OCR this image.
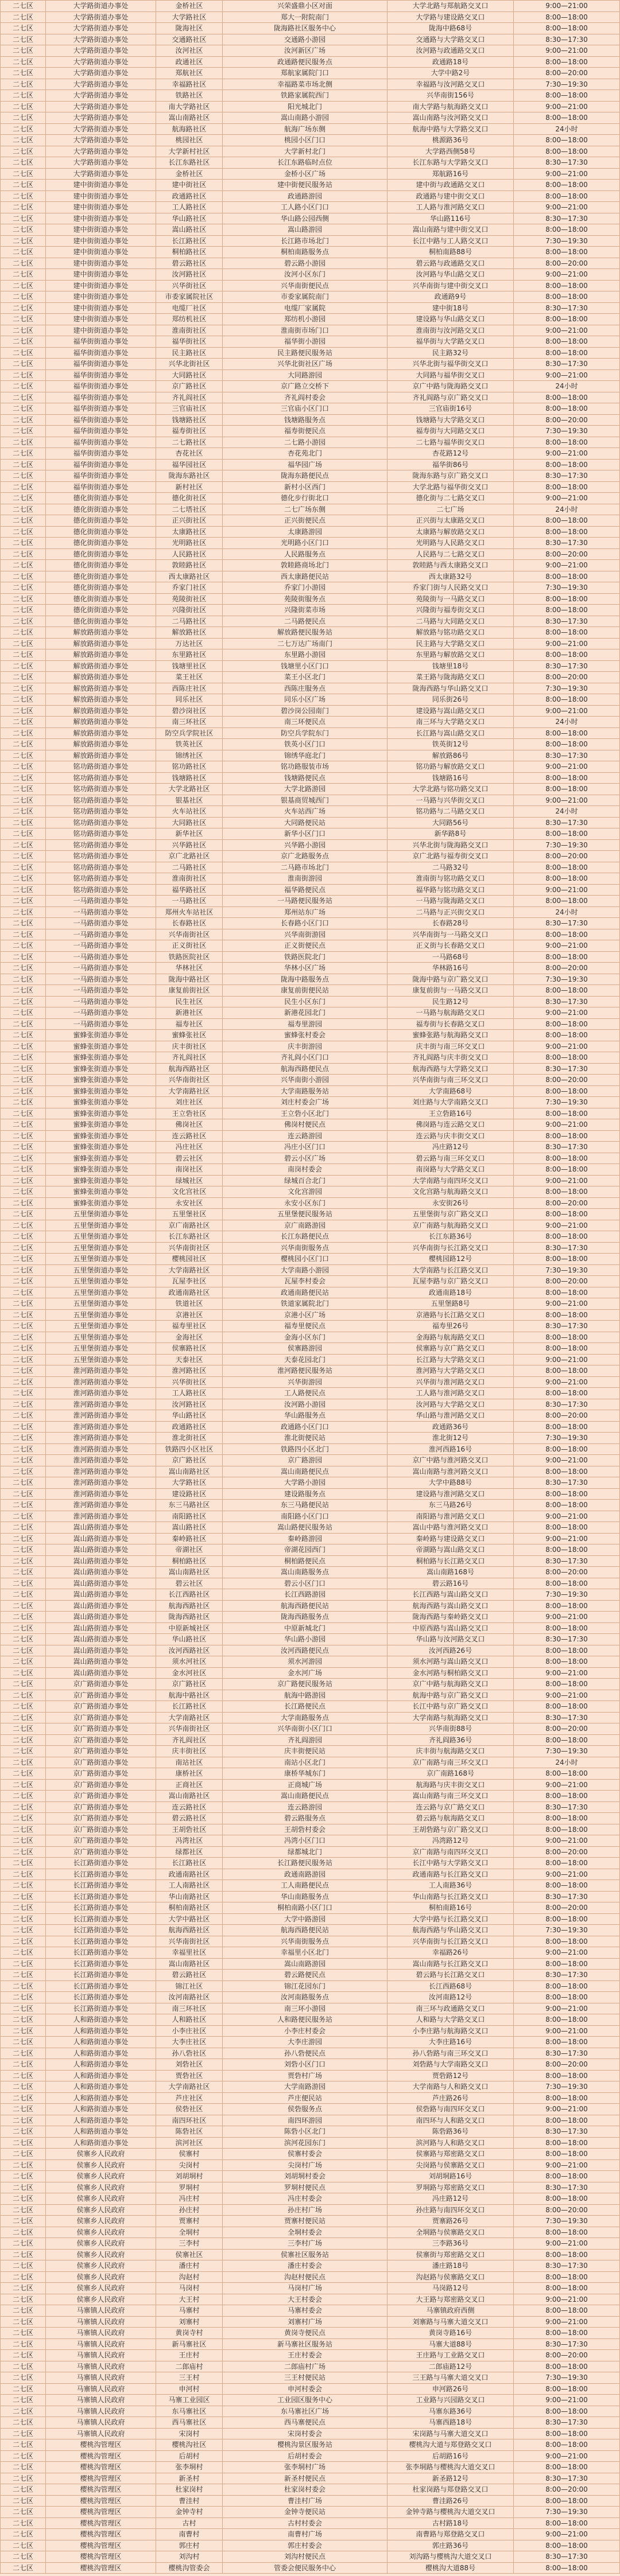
二七区	大学路街道办事处	金桥社区	兴荣盛鼎小区对面	大学北路与郑航路交叉口	9:00—21:00
二七区	大学路街道办事处	大学路社区	郑大一附院南门	大学路与建设路交叉口	8:00—18:00
二七区	大学路街道办事处	陇海社区	陇海路社区服务中心	陇海中路68号	8:00—18:00
二七区	大学路街道办事处	交通路社区	交通路小游园	交通路与大学路交叉口	8:30—17:30
二七区	大学路街道办事处	汝河社区	汝河新区广场	汝河路与政通路交叉口	9:00—21:00
二七区	大学路街道办事处	政通社区	政通路便民服务点	政通路18号	8:00—18:00
二七区	大学路街道办事处	郑航社区	郑航家属院门口	大学中路2号	8:00—20:00
二七区	大学路街道办事处	幸福路社区	幸福路菜市场北侧	幸福路与汝河路交叉口	7:30—19:30
二七区	大学路街道办事处	铁路社区	铁路家属院西门	兴华南街156号	8:00—18:00
二七区	大学路街道办事处	南大学路社区	阳光城北门	南大学路与航海路交叉口	9:00—21:00
二七区	大学路街道办事处	嵩山南路社区	嵩山南路小游园	嵩山南路与汝河路交叉口	8:00—18:00
二七区	大学路街道办事处	航海路社区	航海广场东侧	航海中路与大学路交叉口	24小时
二七区	大学路街道办事处	桃园社区	桃园小区门口	桃源路36号	8:00—18:00
二七区	大学路街道办事处	大学新村社区	大学新村北门	大学路西侧58号	8:00—18:00
二七区	大学路街道办事处	长江东路社区	长江东路临时点位	长江东路与大学路交叉口	8:30—17:30
二七区	大学路街道办事处	金桥社区	金桥小区广场	郑航路16号	9:00—21:00
二七区	建中街街道办事处	建中街社区	建中街便民服务站	建中街与政通路交叉口	8:00—18:00
二七区	建中街街道办事处	政通路社区	政通路游园	政通路与建中街交叉口	8:00—18:00
二七区	建中街街道办事处	工人路社区	工人路小区门口	工人路与淮河路交叉口	9:00—21:00
二七区	建中街街道办事处	华山路社区	华山路公园西侧	华山路116号	8:30—17:30
二七区	建中街街道办事处	嵩山路社区	嵩山路游园	嵩山南路与建中街交叉口	8:00—18:00
二七区	建中街街道办事处	长江路社区	长江路市场北门	长江中路与工人路交叉口	7:30—19:30
二七区	建中街街道办事处	桐柏路社区	桐柏南路服务点	桐柏南路88号	8:00—18:00
二七区	建中街街道办事处	碧云路社区	碧云路小游园	碧云路与政通路交叉口	8:00—20:00
二七区	建中街街道办事处	汝河路社区	汝河小区东门	汝河路与华山路交叉口	9:00—21:00
二七区	建中街街道办事处	兴华街社区	兴华南街便民点	兴华南街与建中街交叉口	8:00—18:00
二七区	建中街街道办事处	市委家属院社区	市委家属院南门	政通路9号	8:00—18:00
二七区	建中街街道办事处	电缆厂社区	电缆厂家属院	建中街18号	8:30—17:30
二七区	建中街街道办事处	郑纺机社区	郑纺机小游园	建设路与华山路交叉口	8:00—18:00
二七区	建中街街道办事处	淮南街社区	淮南街市场门口	淮南街与汝河路交叉口	9:00—21:00
二七区	福华街街道办事处	福华街社区	福华街小游园	福华街与大学路交叉口	8:00—18:00
二七区	福华街街道办事处	民主路社区	民主路便民服务站	民主路32号	8:00—18:00
二七区	福华街街道办事处	兴华北街社区	兴华北街社区广场	兴华北街与福华街交叉口	8:30—17:30
二七区	福华街街道办事处	大同路社区	大同路游园	大同路与福华街交叉口	9:00—21:00
二七区	福华街街道办事处	京广路社区	京广路立交桥下	京广中路与陇海路交叉口	24小时
二七区	福华街街道办事处	齐礼阎社区	齐礼阎村委会	齐礼阎路与京广路交叉口	8:00—18:00
二七区	福华街街道办事处	三官庙社区	三官庙小区门口	三官庙街16号	8:00—18:00
二七区	福华街街道办事处	钱塘路社区	钱塘路服务点	钱塘路与大学路交叉口	8:00—20:00
二七区	福华街街道办事处	福寿街社区	福寿街便民点	福寿街与大同路交叉口	7:30—19:30
二七区	福华街街道办事处	二七路社区	二七路小游园	二七路与福华街交叉口	8:00—18:00
二七区	福华街街道办事处	杏花社区	杏花苑北门	杏花路12号	9:00—21:00
二七区	福华街街道办事处	福华园社区	福华园广场	福华街86号	8:00—18:00
二七区	福华街街道办事处	陇海东路社区	陇海东路便民点	陇海东路与京广路交叉口	8:30—17:30
二七区	福华街街道办事处	新村社区	新村小区西门	大学北路与福华街交叉口	8:00—18:00
二七区	德化街街道办事处	德化街社区	德化步行街北口	德化街与二七路交叉口	9:00—21:00
二七区	德化街街道办事处	二七塔社区	二七广场东侧	二七广场	24小时
二七区	德化街街道办事处	正兴街社区	正兴街便民点	正兴街与太康路交叉口	8:00—18:00
二七区	德化街街道办事处	太康路社区	太康路游园	太康路与解放路交叉口	8:00—18:00
二七区	德化街街道办事处	光明路社区	光明路小区门口	光明路与人民路交叉口	8:30—17:30
二七区	德化街街道办事处	人民路社区	人民路服务点	人民路与二七路交叉口	8:00—20:00
二七区	德化街街道办事处	敦睦路社区	敦睦路商场北门	敦睦路与西太康路交叉口	9:00—21:00
二七区	德化街街道办事处	西太康路社区	西太康路便民站	西太康路32号	8:00—18:00
二七区	德化街街道办事处	乔家门社区	乔家门小游园	乔家门街与人民路交叉口	7:30—19:30
二七区	德化街街道办事处	苑陵街社区	苑陵街服务点	苑陵街与一马路交叉口	8:00—18:00
二七区	德化街街道办事处	兴隆街社区	兴隆街菜市场	兴隆街与福寿街交叉口	8:00—18:00
二七区	德化街街道办事处	二马路社区	二马路便民点	二马路与大同路交叉口	8:30—17:30
二七区	解放路街道办事处	解放路社区	解放路便民服务站	解放路与铭功路交叉口	8:00—18:00
二七区	解放路街道办事处	万达社区	二七万达广场南门	民主路与大学路交叉口	9:00—21:00
二七区	解放路街道办事处	东里路社区	东里路小游园	东里路与解放路交叉口	8:00—18:00
二七区	解放路街道办事处	钱塘里社区	钱塘里小区门口	钱塘里18号	8:30—17:30
二七区	解放路街道办事处	菜王社区	菜王小区北门	菜王路与陇海路交叉口	8:00—20:00
二七区	解放路街道办事处	西陈庄社区	西陈庄服务点	陇海西路与华山路交叉口	7:30—19:30
二七区	解放路街道办事处	同乐社区	同乐小区广场	同乐街26号	8:00—18:00
二七区	解放路街道办事处	碧沙岗社区	碧沙岗公园南门	建设路与嵩山路交叉口	9:00—21:00
二七区	解放路街道办事处	南三环社区	南三环便民点	南三环与大学路交叉口	24小时
二七区	解放路街道办事处	防空兵学院社区	防空兵学院东门	长江路与嵩山路交叉口	8:00—18:00
二七区	解放路街道办事处	铁英社区	铁英小区门口	铁英街12号	8:00—18:00
二七区	解放路街道办事处	锦绣社区	锦绣华庭北门	解放路86号	8:30—17:30
二七区	铭功路街道办事处	铭功路社区	铭功路服装市场	铭功路与解放路交叉口	9:00—21:00
二七区	铭功路街道办事处	钱塘路社区	钱塘路便民点	钱塘路16号	8:00—18:00
二七区	铭功路街道办事处	大学北路社区	大学北路游园	大学北路与铭功路交叉口	8:00—18:00
二七区	铭功路街道办事处	银基社区	银基商贸城西门	一马路与兴华街交叉口	9:00—21:00
二七区	铭功路街道办事处	火车站社区	火车站西广场	铭功路与二马路交叉口	24小时
二七区	铭功路街道办事处	大同路社区	大同路便民站	大同路56号	8:30—17:30
二七区	铭功路街道办事处	新华社区	新华小区门口	新华路8号	8:00—18:00
二七区	铭功路街道办事处	兴华路社区	兴华路小游园	兴华北街与陇海路交叉口	7:30—19:30
二七区	铭功路街道办事处	京广北路社区	京广北路服务点	京广北路与福寿街交叉口	8:00—20:00
二七区	铭功路街道办事处	二马路社区	二马路市场北门	二马路32号	8:00—18:00
二七区	铭功路街道办事处	淮南街社区	淮南街游园	淮南街与铭功路交叉口	8:00—18:00
二七区	铭功路街道办事处	福华路社区	福华路便民点	福华路与铭功路交叉口	9:00—21:00
二七区	一马路街道办事处	一马路社区	一马路便民服务站	一马路与陇海路交叉口	8:00—18:00
二七区	一马路街道办事处	郑州火车站社区	郑州站东广场	二马路与正兴街交叉口	24小时
二七区	一马路街道办事处	长春路社区	长春路小区门口	长春路28号	8:30—17:30
二七区	一马路街道办事处	兴华南街社区	兴华南街游园	兴华南街与一马路交叉口	8:00—18:00
二七区	一马路街道办事处	正义街社区	正义街便民点	正义街与长春路交叉口	9:00—21:00
二七区	一马路街道办事处	铁路医院社区	铁路医院北门	一马路68号	8:00—18:00
二七区	一马路街道办事处	华林社区	华林小区广场	华林路16号	8:00—20:00
二七区	一马路街道办事处	陇海中路社区	陇海中路服务点	陇海中路与京广路交叉口	7:30—19:30
二七区	一马路街道办事处	康复前街社区	康复前街便民站	康复前街与一马路交叉口	8:00—18:00
二七区	一马路街道办事处	民生社区	民生小区东门	民生路12号	8:30—17:30
二七区	一马路街道办事处	新港社区	新港花园北门	一马路与航海路交叉口	9:00—21:00
二七区	一马路街道办事处	福寿社区	福寿里游园	福寿街与长春路交叉口	8:00—18:00
二七区	蜜蜂张街道办事处	蜜蜂张社区	蜜蜂张村委会	蜜蜂张路与航海路交叉口	8:00—18:00
二七区	蜜蜂张街道办事处	庆丰街社区	庆丰街游园	庆丰街与南三环交叉口	9:00—21:00
二七区	蜜蜂张街道办事处	齐礼阎社区	齐礼阎小区门口	齐礼阎路与庆丰街交叉口	8:00—18:00
二七区	蜜蜂张街道办事处	航海西路社区	航海西路便民点	航海西路与大学路交叉口	8:30—17:30
二七区	蜜蜂张街道办事处	兴华南街社区	兴华南街小游园	兴华南街与南三环交叉口	8:00—20:00
二七区	蜜蜂张街道办事处	大学南路社区	大学南路服务站	大学南路68号	8:00—18:00
二七区	蜜蜂张街道办事处	刘庄社区	刘庄村委会广场	刘庄路与大学南路交叉口	7:30—19:30
二七区	蜜蜂张街道办事处	王立砦社区	王立砦小区北门	王立砦路16号	8:00—18:00
二七区	蜜蜂张街道办事处	佛岗社区	佛岗村便民点	佛岗路与连云路交叉口	9:00—21:00
二七区	蜜蜂张街道办事处	连云路社区	连云路游园	连云路与庆丰街交叉口	8:00—18:00
二七区	蜜蜂张街道办事处	冯庄社区	冯庄小区门口	冯庄路12号	8:30—17:30
二七区	蜜蜂张街道办事处	碧云社区	碧云小区广场	碧云路与南三环交叉口	8:00—18:00
二七区	蜜蜂张街道办事处	南岗社区	南岗村委会	南岗路与大学路交叉口	8:00—18:00
二七区	蜜蜂张街道办事处	绿城社区	绿城百合北门	大学南路与南四环交叉口	9:00—21:00
二七区	蜜蜂张街道办事处	文化宫社区	文化宫游园	文化宫路与航海路交叉口	8:00—18:00
二七区	蜜蜂张街道办事处	永安社区	永安小区东门	永安街26号	8:00—20:00
二七区	五里堡街道办事处	五里堡社区	五里堡便民服务站	五里堡街与京广路交叉口	8:00—18:00
二七区	五里堡街道办事处	京广南路社区	京广南路游园	京广南路与航海路交叉口	9:00—21:00
二七区	五里堡街道办事处	长江东路社区	长江东路便民点	长江东路36号	8:00—18:00
二七区	五里堡街道办事处	兴华南街社区	兴华南街服务点	兴华南街与长江路交叉口	8:30—17:30
二七区	五里堡街道办事处	樱桃园社区	樱桃园小区门口	樱桃园路12号	8:00—18:00
二七区	五里堡街道办事处	大学南路社区	大学南路小游园	大学南路与长江路交叉口	7:30—19:30
二七区	五里堡街道办事处	瓦屋李社区	瓦屋李村委会	瓦屋李路与京广路交叉口	8:00—20:00
二七区	五里堡街道办事处	政通南路社区	政通南路便民站	政通南路18号	8:00—18:00
二七区	五里堡街道办事处	铁道社区	铁道家属院北门	五里堡路8号	9:00—21:00
二七区	五里堡街道办事处	京港社区	京港小区广场	京港路与长江路交叉口	8:00—18:00
二七区	五里堡街道办事处	福寿里社区	福寿里便民点	福寿里26号	8:30—17:30
二七区	五里堡街道办事处	金海社区	金海小区东门	金海路与航海路交叉口	8:00—18:00
二七区	五里堡街道办事处	侯寨路社区	侯寨路游园	侯寨路与京广路交叉口	8:00—18:00
二七区	五里堡街道办事处	天泰社区	天泰花园北门	长江路与大学路交叉口	9:00—21:00
二七区	淮河路街道办事处	淮河路社区	淮河路便民服务站	淮河路与大学路交叉口	8:00—18:00
二七区	淮河路街道办事处	兴华街社区	兴华街游园	兴华街与淮河路交叉口	9:00—21:00
二七区	淮河路街道办事处	工人路社区	工人路便民点	工人路与淮河路交叉口	8:00—18:00
二七区	淮河路街道办事处	汝河路社区	汝河路小游园	汝河路与大学路交叉口	8:30—17:30
二七区	淮河路街道办事处	华山路社区	华山路服务点	华山路与淮河路交叉口	8:00—20:00
二七区	淮河路街道办事处	政通路社区	政通路小区门口	政通路36号	8:00—18:00
二七区	淮河路街道办事处	淮北街社区	淮北街便民站	淮北街12号	7:30—19:30
二七区	淮河路街道办事处	铁路四小区社区	铁路四小区北门	淮河西路16号	8:00—18:00
二七区	淮河路街道办事处	京广路社区	京广路游园	京广中路与淮河路交叉口	9:00—21:00
二七区	淮河路街道办事处	嵩山南路社区	嵩山南路便民点	嵩山南路与淮河路交叉口	8:00—18:00
二七区	淮河路街道办事处	大学路社区	大学路小游园	大学中路88号	8:30—17:30
二七区	淮河路街道办事处	建设路社区	建设路服务点	建设路与淮河路交叉口	8:00—18:00
二七区	淮河路街道办事处	东三马路社区	东三马路便民站	东三马路26号	8:00—18:00
二七区	淮河路街道办事处	南阳路社区	南阳路小区门口	南阳路与淮河路交叉口	9:00—21:00
二七区	嵩山路街道办事处	嵩山路社区	嵩山路便民服务站	嵩山中路与淮河路交叉口	8:00—18:00
二七区	嵩山路街道办事处	秦岭路社区	秦岭路游园	秦岭路与建设路交叉口	9:00—21:00
二七区	嵩山路街道办事处	帝湖社区	帝湖花园西门	帝湖路与嵩山路交叉口	8:00—18:00
二七区	嵩山路街道办事处	桐柏路社区	桐柏路便民点	桐柏路与长江路交叉口	8:30—17:30
二七区	嵩山路街道办事处	嵩山南路社区	嵩山南路服务点	嵩山南路168号	8:00—20:00
二七区	嵩山路街道办事处	碧云社区	碧云小区门口	碧云路16号	8:00—18:00
二七区	嵩山路街道办事处	长江西路社区	长江西路游园	长江西路与嵩山路交叉口	7:30—19:30
二七区	嵩山路街道办事处	航海西路社区	航海西路便民站	航海西路与嵩山路交叉口	8:00—18:00
二七区	嵩山路街道办事处	陇海西路社区	陇海西路服务点	陇海西路与秦岭路交叉口	9:00—21:00
二七区	嵩山路街道办事处	中原新城社区	中原新城北门	中原西路与嵩山路交叉口	8:00—18:00
二七区	嵩山路街道办事处	华山路社区	华山路小游园	华山路与汝河路交叉口	8:30—17:30
二七区	嵩山路街道办事处	汝河西路社区	汝河西路便民点	汝河西路26号	8:00—18:00
二七区	嵩山路街道办事处	须水河社区	须水河游园	须水河路与嵩山路交叉口	8:00—18:00
二七区	嵩山路街道办事处	金水河社区	金水河广场	金水河路与桐柏路交叉口	9:00—21:00
二七区	京广路街道办事处	京广路社区	京广路便民服务站	京广中路与航海路交叉口	8:00—18:00
二七区	京广路街道办事处	航海中路社区	航海中路游园	航海中路与京广路交叉口	9:00—21:00
二七区	京广路街道办事处	长江路社区	长江路便民点	长江中路与京广路交叉口	8:00—18:00
二七区	京广路街道办事处	大学南路社区	大学南路服务点	大学南路与航海路交叉口	8:30—17:30
二七区	京广路街道办事处	兴华南街社区	兴华南街小区门口	兴华南街88号	8:00—20:00
二七区	京广路街道办事处	齐礼阎社区	齐礼阎游园	齐礼阎路36号	8:00—18:00
二七区	京广路街道办事处	庆丰街社区	庆丰街便民站	庆丰街与航海路交叉口	7:30—19:30
二七区	京广路街道办事处	南站社区	南站小区北门	京广南路与南三环交叉口	24小时
二七区	京广路街道办事处	康桥社区	康桥华城东门	京广南路168号	8:00—18:00
二七区	京广路街道办事处	正商社区	正商城广场	航海路与庆丰街交叉口	9:00—21:00
二七区	京广路街道办事处	嵩山南路社区	嵩山南路便民点	嵩山南路与南三环交叉口	8:00—18:00
二七区	京广路街道办事处	连云路社区	连云路游园	连云路与京广路交叉口	8:30—17:30
二七区	京广路街道办事处	碧云路社区	碧云路服务点	碧云路与航海路交叉口	8:00—18:00
二七区	京广路街道办事处	王胡砦社区	王胡砦村委会	王胡砦路与京广路交叉口	8:00—18:00
二七区	京广路街道办事处	冯湾社区	冯湾小区门口	冯湾路12号	9:00—21:00
二七区	京广路街道办事处	绿都社区	绿都城北门	京广南路与南四环交叉口	8:00—20:00
二七区	长江路街道办事处	长江路社区	长江路便民服务站	长江中路与大学路交叉口	8:00—18:00
二七区	长江路街道办事处	政通南路社区	政通南路游园	政通南路与长江路交叉口	9:00—21:00
二七区	长江路街道办事处	工人南路社区	工人南路便民点	工人南路36号	8:00—18:00
二七区	长江路街道办事处	华山南路社区	华山南路服务点	华山南路与长江路交叉口	8:30—17:30
二七区	长江路街道办事处	桐柏南路社区	桐柏南路小区门口	桐柏南路16号	8:00—20:00
二七区	长江路街道办事处	大学中路社区	大学中路游园	大学中路与长江路交叉口	8:00—18:00
二七区	长江路街道办事处	航海西路社区	航海西路便民站	航海西路与华山路交叉口	7:30—19:30
二七区	长江路街道办事处	兴华南街社区	兴华南街服务点	兴华南街与长江路交叉口	8:00—18:00
二七区	长江路街道办事处	幸福里社区	幸福里小区北门	幸福路26号	9:00—21:00
二七区	长江路街道办事处	嵩山南路社区	嵩山南路游园	嵩山南路与长江路交叉口	8:00—18:00
二七区	长江路街道办事处	碧云路社区	碧云路便民点	碧云路与长江路交叉口	8:30—17:30
二七区	长江路街道办事处	锦江社区	锦江花园东门	长江西路68号	8:00—18:00
二七区	长江路街道办事处	汝河南路社区	汝河南路服务点	汝河南路12号	8:00—18:00
二七区	长江路街道办事处	南三环社区	南三环小游园	南三环与政通路交叉口	9:00—21:00
二七区	人和路街道办事处	人和路社区	人和路便民服务站	人和路与大学路交叉口	8:00—18:00
二七区	人和路街道办事处	小李庄社区	小李庄村委会	小李庄路与航海路交叉口	9:00—21:00
二七区	人和路街道办事处	大李庄社区	大李庄游园	大李庄路16号	8:00—18:00
二七区	人和路街道办事处	孙八砦社区	孙八砦便民点	孙八砦路与南三环交叉口	8:30—17:30
二七区	人和路街道办事处	刘砦社区	刘砦小区门口	刘砦路与大学南路交叉口	8:00—20:00
二七区	人和路街道办事处	贾砦社区	贾砦村广场	贾砦路12号	8:00—18:00
二七区	人和路街道办事处	大学南路社区	大学南路游园	大学南路与人和路交叉口	7:30—19:30
二七区	人和路街道办事处	芦庄社区	芦庄便民站	芦庄路26号	8:00—18:00
二七区	人和路街道办事处	侯砦社区	侯砦服务点	侯砦路与南四环交叉口	9:00—21:00
二七区	人和路街道办事处	南四环社区	南四环游园	南四环与人和路交叉口	8:00—18:00
二七区	人和路街道办事处	陈砦社区	陈砦小区北门	陈砦路36号	8:30—17:30
二七区	人和路街道办事处	滨河社区	滨河花园东门	滨河路与人和路交叉口	8:00—18:00
二七区	侯寨乡人民政府	侯寨村	侯寨村委会	侯寨路与郑密路交叉口	8:00—18:00
二七区	侯寨乡人民政府	尖岗村	尖岗村广场	尖岗路与侯寨路交叉口	9:00—21:00
二七区	侯寨乡人民政府	刘胡垌村	刘胡垌村委会	刘胡垌路16号	8:00—18:00
二七区	侯寨乡人民政府	罗垌村	罗垌村便民点	罗垌路与郑密路交叉口	8:30—17:30
二七区	侯寨乡人民政府	冯庄村	冯庄村委会	冯庄路12号	8:00—18:00
二七区	侯寨乡人民政府	孙庄村	孙庄村广场	孙庄路与南四环交叉口	8:00—20:00
二七区	侯寨乡人民政府	贾寨村	贾寨村便民站	贾寨路26号	7:30—19:30
二七区	侯寨乡人民政府	全垌村	全垌村委会	全垌路与侯寨路交叉口	8:00—18:00
二七区	侯寨乡人民政府	三李村	三李村广场	三李路36号	9:00—21:00
二七区	侯寨乡人民政府	侯寨社区	侯寨社区服务站	侯寨街与郑密路交叉口	8:00—18:00
二七区	侯寨乡人民政府	潘庄村	潘庄村委会	潘庄路18号	8:30—17:30
二七区	侯寨乡人民政府	沟赵村	沟赵村便民点	沟赵路与侯寨路交叉口	8:00—18:00
二七区	侯寨乡人民政府	马岗村	马岗村广场	马岗路12号	8:00—18:00
二七区	侯寨乡人民政府	大王村	大王村委会	大王路与郑密路交叉口	9:00—21:00
二七区	马寨镇人民政府	马寨村	马寨村委会	马寨镇政府西侧	8:00—18:00
二七区	马寨镇人民政府	刘寨村	刘寨村广场	刘寨路与马寨大道交叉口	9:00—21:00
二七区	马寨镇人民政府	黄岗寺村	黄岗寺便民点	黄岗寺路16号	8:00—18:00
二七区	马寨镇人民政府	新马寨社区	新马寨社区服务站	马寨大道88号	8:30—17:30
二七区	马寨镇人民政府	王庄村	王庄村委会	王庄路与工业路交叉口	8:00—20:00
二七区	马寨镇人民政府	二郎庙村	二郎庙村广场	二郎庙路12号	8:00—18:00
二七区	马寨镇人民政府	三王村	三王村便民站	三王路与马寨大道交叉口	7:30—19:30
二七区	马寨镇人民政府	申河村	申河村委会	申河路26号	8:00—18:00
二七区	马寨镇人民政府	马寨工业园区	工业园区服务中心	工业路与兴园路交叉口	9:00—21:00
二七区	马寨镇人民政府	东马寨社区	东马寨社区广场	马寨东路36号	8:00—18:00
二七区	马寨镇人民政府	西马寨社区	西马寨便民点	马寨西路18号	8:30—17:30
二七区	马寨镇人民政府	宋岗村	宋岗村委会	宋岗路与马寨大道交叉口	8:00—18:00
二七区	樱桃沟管理区	樱桃沟社区	樱桃沟景区服务站	樱桃沟大道与郑登路交叉口	8:00—18:00
二七区	樱桃沟管理区	后胡村	后胡村委会	后胡路16号	9:00—21:00
二七区	樱桃沟管理区	张李垌村	张李垌村广场	张李垌路与樱桃沟大道交叉口	8:00—18:00
二七区	樱桃沟管理区	新圣村	新圣村便民点	新圣路12号	8:30—17:30
二七区	樱桃沟管理区	杜家岗村	杜家岗村委会	杜家岗路与郑登路交叉口	8:00—20:00
二七区	樱桃沟管理区	曹洼村	曹洼村广场	曹洼路26号	8:00—18:00
二七区	樱桃沟管理区	金钟寺村	金钟寺便民站	金钟寺路与樱桃沟大道交叉口	7:30—19:30
二七区	樱桃沟管理区	古村	古村村委会	古村路18号	8:00—18:00
二七区	樱桃沟管理区	南曹村	南曹村广场	南曹路与郑登路交叉口	9:00—21:00
二七区	樱桃沟管理区	郭庄村	郭庄村委会	郭庄路36号	8:00—18:00
二七区	樱桃沟管理区	刘沟村	刘沟村便民点	刘沟路与樱桃沟大道交叉口	8:30—17:30
二七区	樱桃沟管理区	樱桃沟管委会	管委会便民服务中心	樱桃沟大道88号	8:00—18:00
